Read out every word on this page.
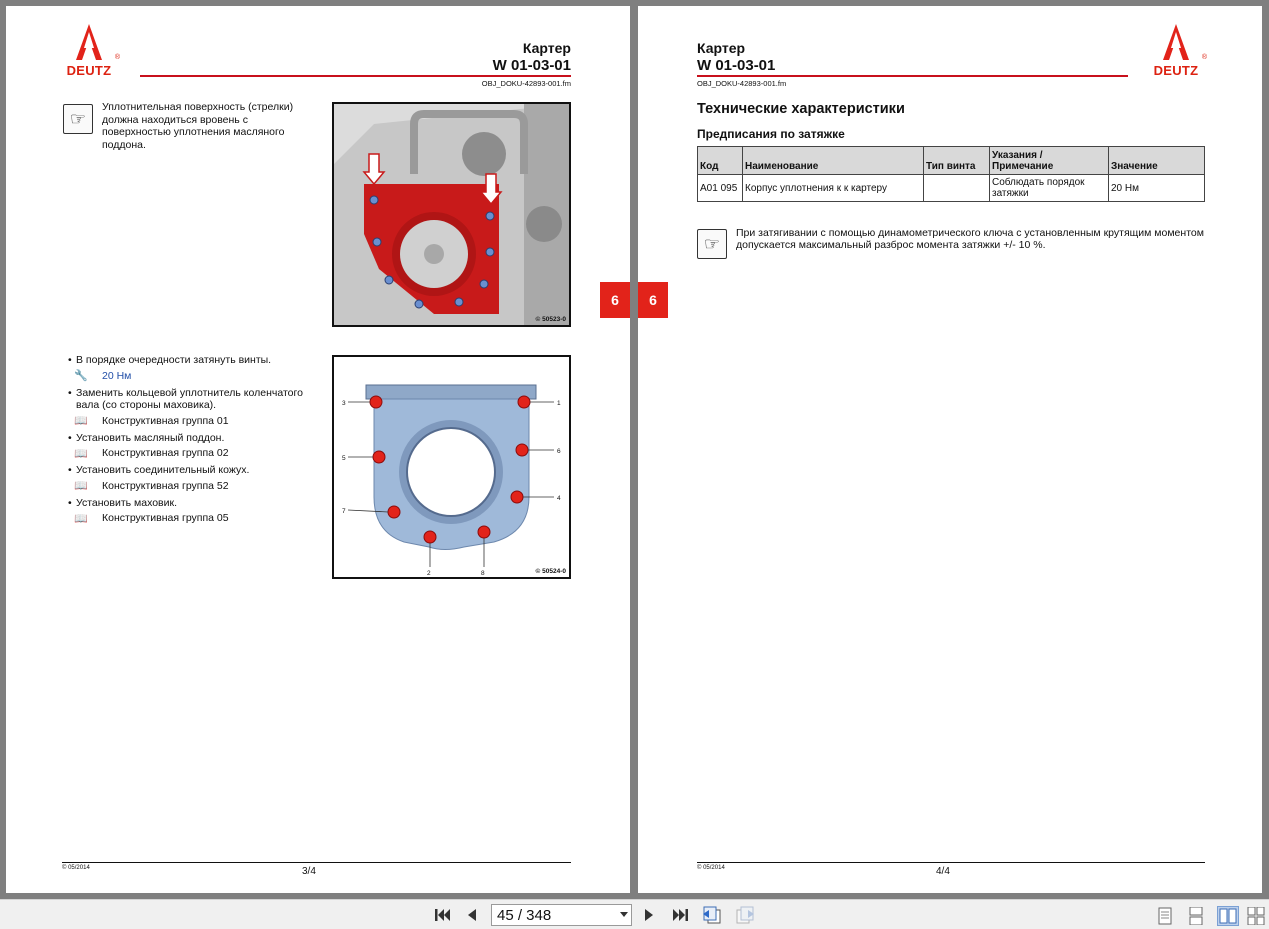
DEUTZ
®
Картер
W 01-03-01
OBJ_DOKU-42893-001.fm
☞
Уплотнительная поверхность (стрелки) должна находиться вровень с поверхностью уплотнения масляного поддона.
© 50523-0
• В порядке очередности затянуть винты.
🔧	20 Нм
• Заменить кольцевой уплотнитель коленчатого вала (со стороны маховика).
📖	Конструктивная группа 01
• Установить масляный поддон.
📖	Конструктивная группа 02
• Установить соединительный кожух.
📖	Конструктивная группа 52
• Установить маховик.
📖	Конструктивная группа 05
1
2
3
4
5
6
7
8	© 50524-0
© 05/2014	3/4
6
Картер
W 01-03-01
OBJ_DOKU-42893-001.fm
DEUTZ
®
Технические характеристики
Предписания по затяжке
Код	Наименование	Тип винта	Указания / Примечание	Значение
A01 095	Корпус уплотнения к к картеру		Соблюдать порядок затяжки	20 Нм
☞
При затягивании с помощью динамометрического ключа с установленным крутящим моментом допускается максимальный разброс момента затяжки +/- 10 %.
© 05/2014	4/4
6
45 / 348
